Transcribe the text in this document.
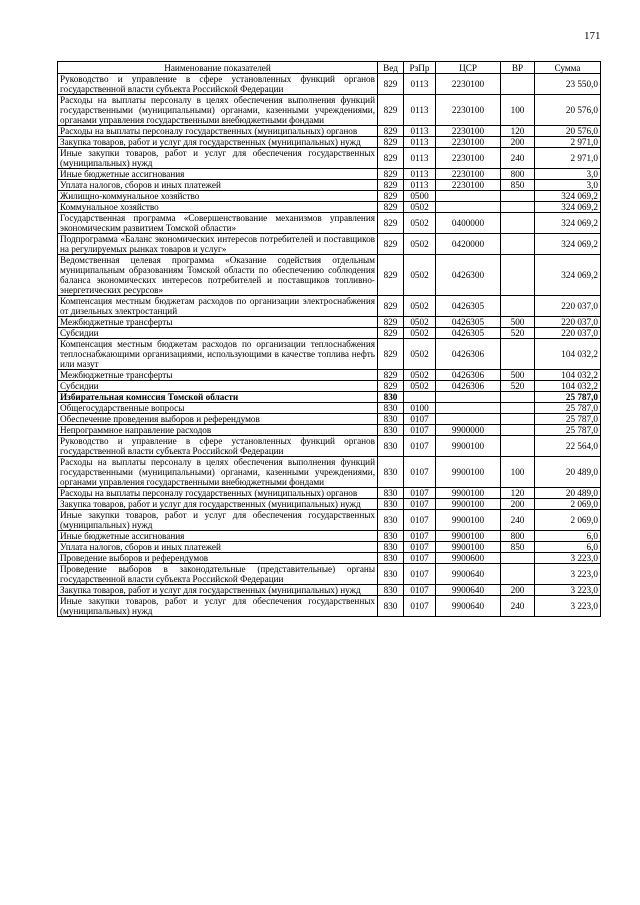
171
Наименование показателей	Вед	РзПр	ЦСР	ВР	Сумма
Руководство и управление в сфере установленных функций органов государственной власти субъекта Российской Федерации	829	0113	2230100		23 550,0
Расходы на выплаты персоналу в целях обеспечения выполнения функций государственными (муниципальными) органами, казенными учреждениями, органами управления государственными внебюджетными фондами	829	0113	2230100	100	20 576,0
Расходы на выплаты персоналу государственных (муниципальных) органов	829	0113	2230100	120	20 576,0
Закупка товаров, работ и услуг для государственных (муниципальных) нужд	829	0113	2230100	200	2 971,0
Иные закупки товаров, работ и услуг для обеспечения государственных (муниципальных) нужд	829	0113	2230100	240	2 971,0
Иные бюджетные ассигнования	829	0113	2230100	800	3,0
Уплата налогов, сборов и иных платежей	829	0113	2230100	850	3,0
Жилищно-коммунальное хозяйство	829	0500			324 069,2
Коммунальное хозяйство	829	0502			324 069,2
Государственная программа «Совершенствование механизмов управления экономическим развитием Томской области»	829	0502	0400000		324 069,2
Подпрограмма «Баланс экономических интересов потребителей и поставщиков на регулируемых рынках товаров и услуг»	829	0502	0420000		324 069,2
Ведомственная целевая программа «Оказание содействия отдельным муниципальным образованиям Томской области по обеспечению соблюдения баланса экономических интересов потребителей и поставщиков топливно-энергетических ресурсов»	829	0502	0426300		324 069,2
Компенсация местным бюджетам расходов по организации электроснабжения от дизельных электростанций	829	0502	0426305		220 037,0
Межбюджетные трансферты	829	0502	0426305	500	220 037,0
Субсидии	829	0502	0426305	520	220 037,0
Компенсация местным бюджетам расходов по организации теплоснабжения теплоснабжающими организациями, использующими в качестве топлива нефть или мазут	829	0502	0426306		104 032,2
Межбюджетные трансферты	829	0502	0426306	500	104 032,2
Субсидии	829	0502	0426306	520	104 032,2
Избирательная комиссия Томской области	830				25 787,0
Общегосударственные вопросы	830	0100			25 787,0
Обеспечение проведения выборов и референдумов	830	0107			25 787,0
Непрограммное направление расходов	830	0107	9900000		25 787,0
Руководство и управление в сфере установленных функций органов государственной власти субъекта Российской Федерации	830	0107	9900100		22 564,0
Расходы на выплаты персоналу в целях обеспечения выполнения функций государственными (муниципальными) органами, казенными учреждениями, органами управления государственными внебюджетными фондами	830	0107	9900100	100	20 489,0
Расходы на выплаты персоналу государственных (муниципальных) органов	830	0107	9900100	120	20 489,0
Закупка товаров, работ и услуг для государственных (муниципальных) нужд	830	0107	9900100	200	2 069,0
Иные закупки товаров, работ и услуг для обеспечения государственных (муниципальных) нужд	830	0107	9900100	240	2 069,0
Иные бюджетные ассигнования	830	0107	9900100	800	6,0
Уплата налогов, сборов и иных платежей	830	0107	9900100	850	6,0
Проведение выборов и референдумов	830	0107	9900600		3 223,0
Проведение выборов в законодательные (представительные) органы государственной власти субъекта Российской Федерации	830	0107	9900640		3 223,0
Закупка товаров, работ и услуг для государственных (муниципальных) нужд	830	0107	9900640	200	3 223,0
Иные закупки товаров, работ и услуг для обеспечения государственных (муниципальных) нужд	830	0107	9900640	240	3 223,0
